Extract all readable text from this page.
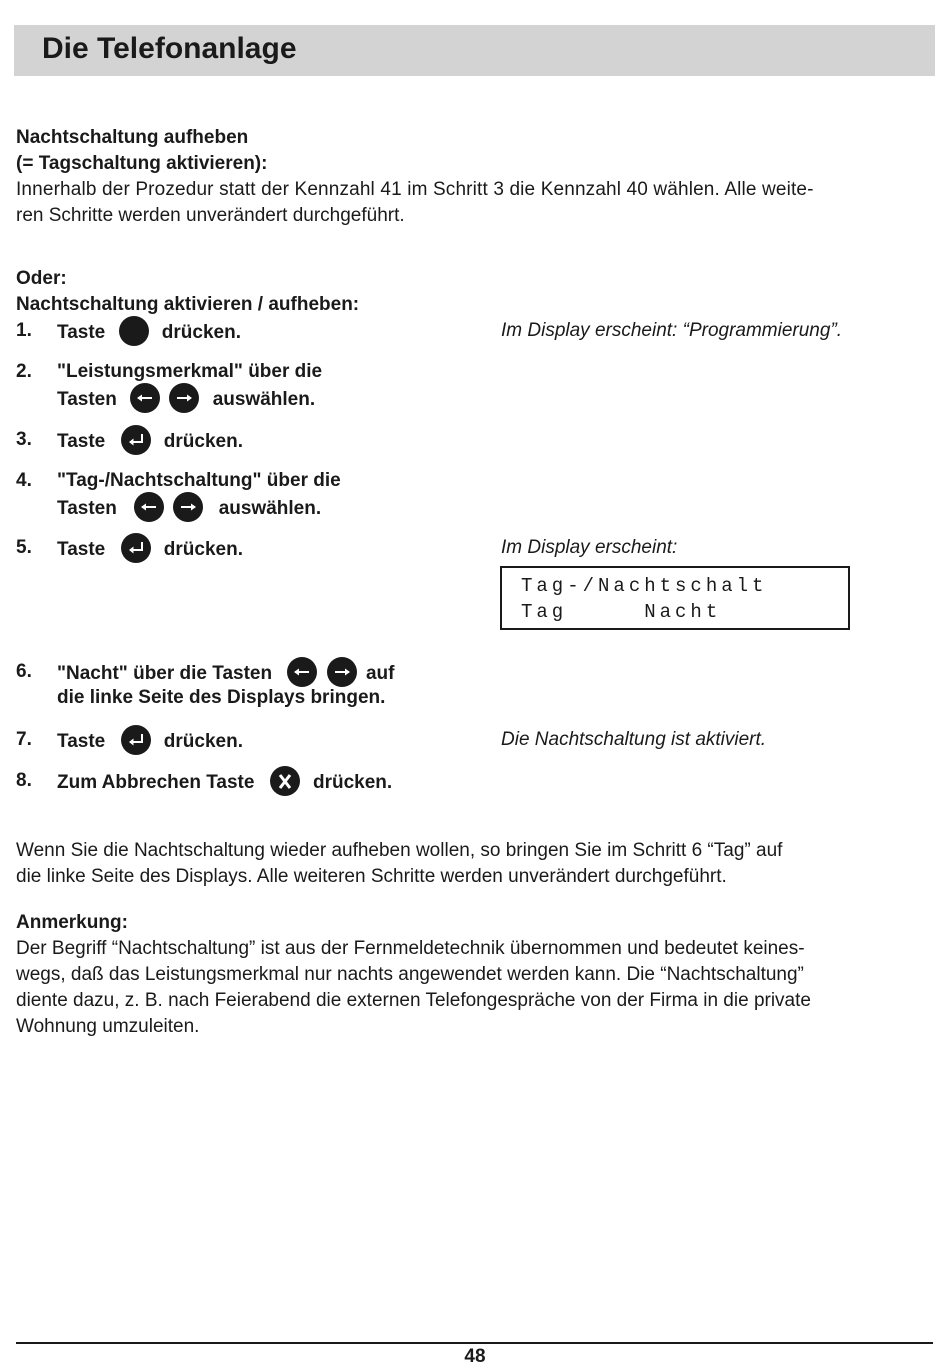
Die Telefonanlage
Nachtschaltung aufheben
(= Tagschaltung aktivieren):
Innerhalb der Prozedur statt der Kennzahl 41 im Schritt 3 die Kennzahl 40 wählen. Alle weite-
ren Schritte werden unverändert durchgeführt.
Oder:
Nachtschaltung aktivieren / aufheben:
1. Taste	drücken.	Im Display erscheint: “Programmierung”.
2. "Leistungsmerkmal" über die
Tasten
	auswählen.
3. Taste	drücken.
4. "Tag-/Nachtschaltung" über die
Tasten
	auswählen.
5. Taste	drücken.	Im Display erscheint:
Tag-/Nachtschalt
Tag     Nacht
6. "Nacht" über die Tasten
	auf
die linke Seite des Displays bringen.
7. Taste	drücken.	Die Nachtschaltung ist aktiviert.
8. Zum Abbrechen Taste	drücken.
Wenn Sie die Nachtschaltung wieder aufheben wollen, so bringen Sie im Schritt 6 “Tag” auf
die linke Seite des Displays. Alle weiteren Schritte werden unverändert durchgeführt.
Anmerkung:
Der Begriff “Nachtschaltung” ist aus der Fernmeldetechnik übernommen und bedeutet keines-
wegs, daß das Leistungsmerkmal nur nachts angewendet werden kann. Die “Nachtschaltung”
diente dazu, z. B. nach Feierabend die externen Telefongespräche von der Firma in die private
Wohnung umzuleiten.
48
